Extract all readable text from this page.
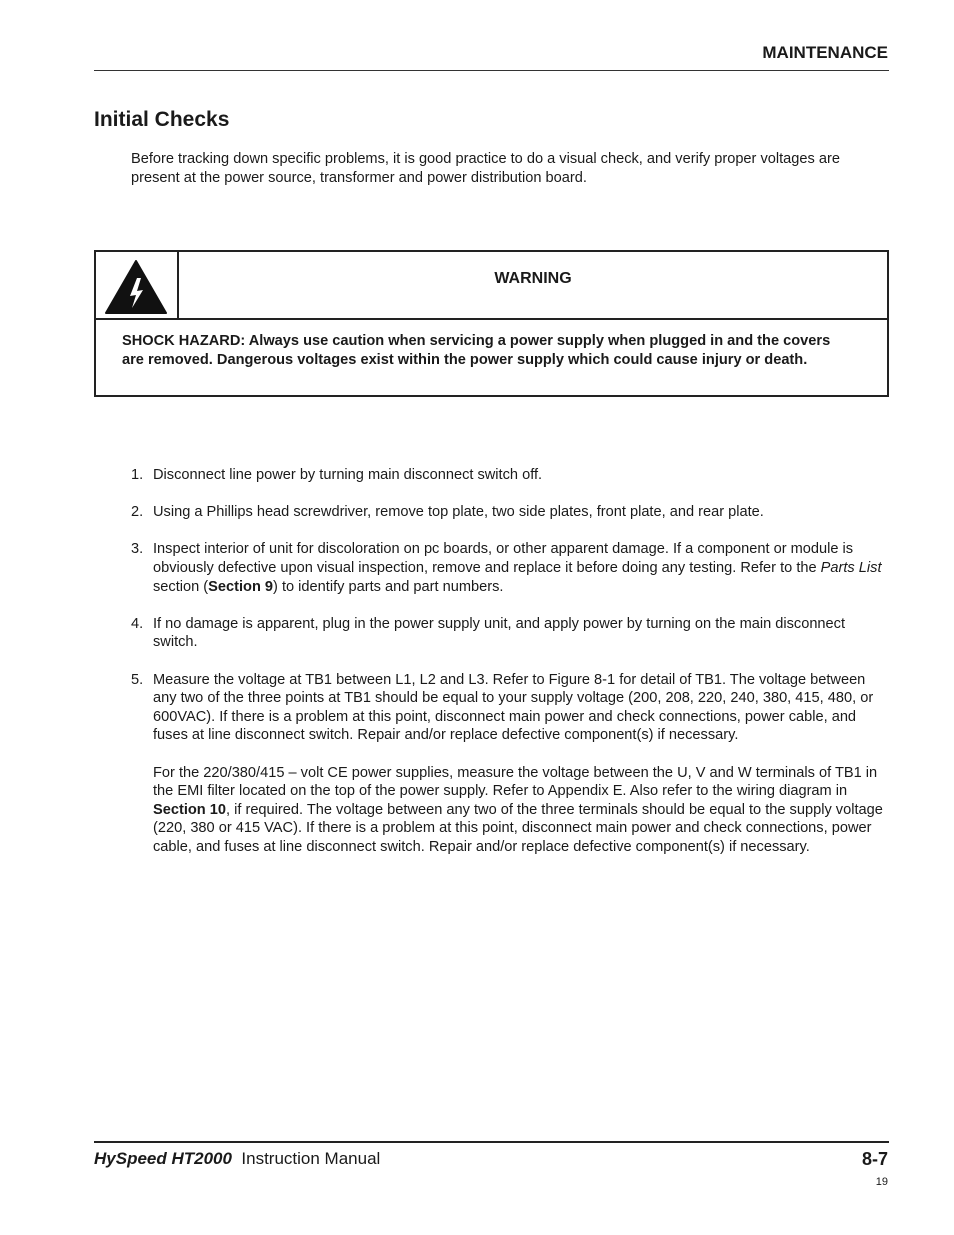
MAINTENANCE
Initial Checks
Before tracking down specific problems, it is good practice to do a visual check, and verify proper voltages are present at the power source, transformer and power distribution board.
WARNING
SHOCK HAZARD: Always use caution when servicing a power supply when plugged in and the covers are removed. Dangerous voltages exist within the power supply which could cause injury or death.
1. Disconnect line power by turning main disconnect switch off.

2. Using a Phillips head screwdriver, remove top plate, two side plates, front plate, and rear plate.

3. Inspect interior of unit for discoloration on pc boards, or other apparent damage. If a component or module is obviously defective upon visual inspection, remove and replace it before doing any testing. Refer to the Parts List section (Section 9) to identify parts and part numbers.

4. If no damage is apparent, plug in the power supply unit, and apply power by turning on the main disconnect switch.

5. Measure the voltage at TB1 between L1, L2 and L3. Refer to Figure 8-1 for detail of TB1. The voltage between any two of the three points at TB1 should be equal to your supply voltage (200, 208, 220, 240, 380, 415, 480, or 600VAC). If there is a problem at this point, disconnect main power and check connections, power cable, and fuses at line disconnect switch. Repair and/or replace defective component(s) if necessary.

For the 220/380/415 – volt CE power supplies, measure the voltage between the U, V and W terminals of TB1 in the EMI filter located on the top of the power supply. Refer to Appendix E. Also refer to the wiring diagram in Section 10, if required. The voltage between any two of the three terminals should be equal to the supply voltage (220, 380 or 415 VAC). If there is a problem at this point, disconnect main power and check connections, power cable, and fuses at line disconnect switch. Repair and/or replace defective component(s) if necessary.

HySpeed HT2000 Instruction Manual	8-7
19
